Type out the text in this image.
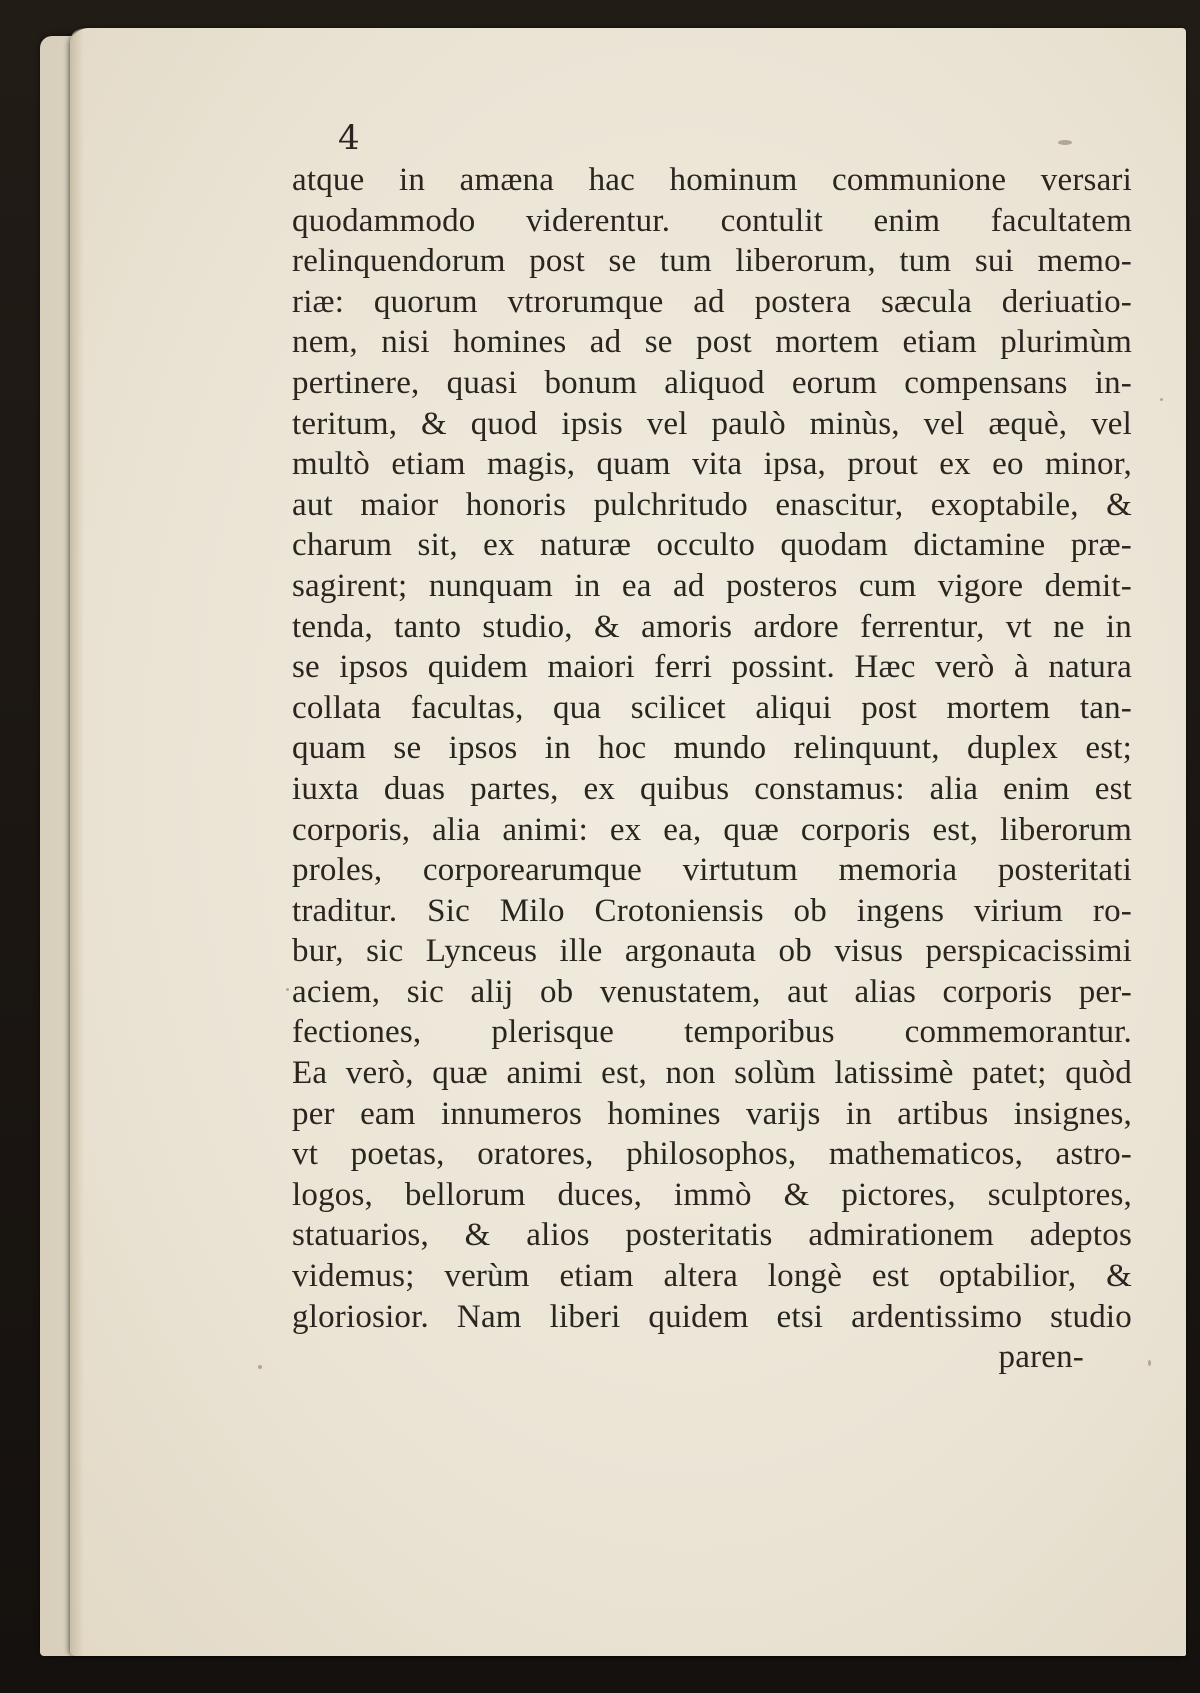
4
atque in amæna hac hominum communione versari
quodammodo viderentur. contulit enim facultatem
relinquendorum post se tum liberorum, tum sui memo-
riæ: quorum vtrorumque ad postera sæcula deriuatio-
nem, nisi homines ad se post mortem etiam plurimùm
pertinere, quasi bonum aliquod eorum compensans in-
teritum, & quod ipsis vel paulò minùs, vel æquè, vel
multò etiam magis, quam vita ipsa, prout ex eo minor,
aut maior honoris pulchritudo enascitur, exoptabile, &
charum sit, ex naturæ occulto quodam dictamine præ-
sagirent; nunquam in ea ad posteros cum vigore demit-
tenda, tanto studio, & amoris ardore ferrentur, vt ne in
se ipsos quidem maiori ferri possint. Hæc verò à natura
collata facultas, qua scilicet aliqui post mortem tan-
quam se ipsos in hoc mundo relinquunt, duplex est;
iuxta duas partes, ex quibus constamus: alia enim est
corporis, alia animi: ex ea, quæ corporis est, liberorum
proles, corporearumque virtutum memoria posteritati
traditur. Sic Milo Crotoniensis ob ingens virium ro-
bur, sic Lynceus ille argonauta ob visus perspicacissimi
aciem, sic alij ob venustatem, aut alias corporis per-
fectiones, plerisque temporibus commemorantur.
Ea verò, quæ animi est, non solùm latissimè patet; quòd
per eam innumeros homines varijs in artibus insignes,
vt poetas, oratores, philosophos, mathematicos, astro-
logos, bellorum duces, immò & pictores, sculptores,
statuarios, & alios posteritatis admirationem adeptos
videmus; verùm etiam altera longè est optabilior, &
gloriosior. Nam liberi quidem etsi ardentissimo studio
paren-
